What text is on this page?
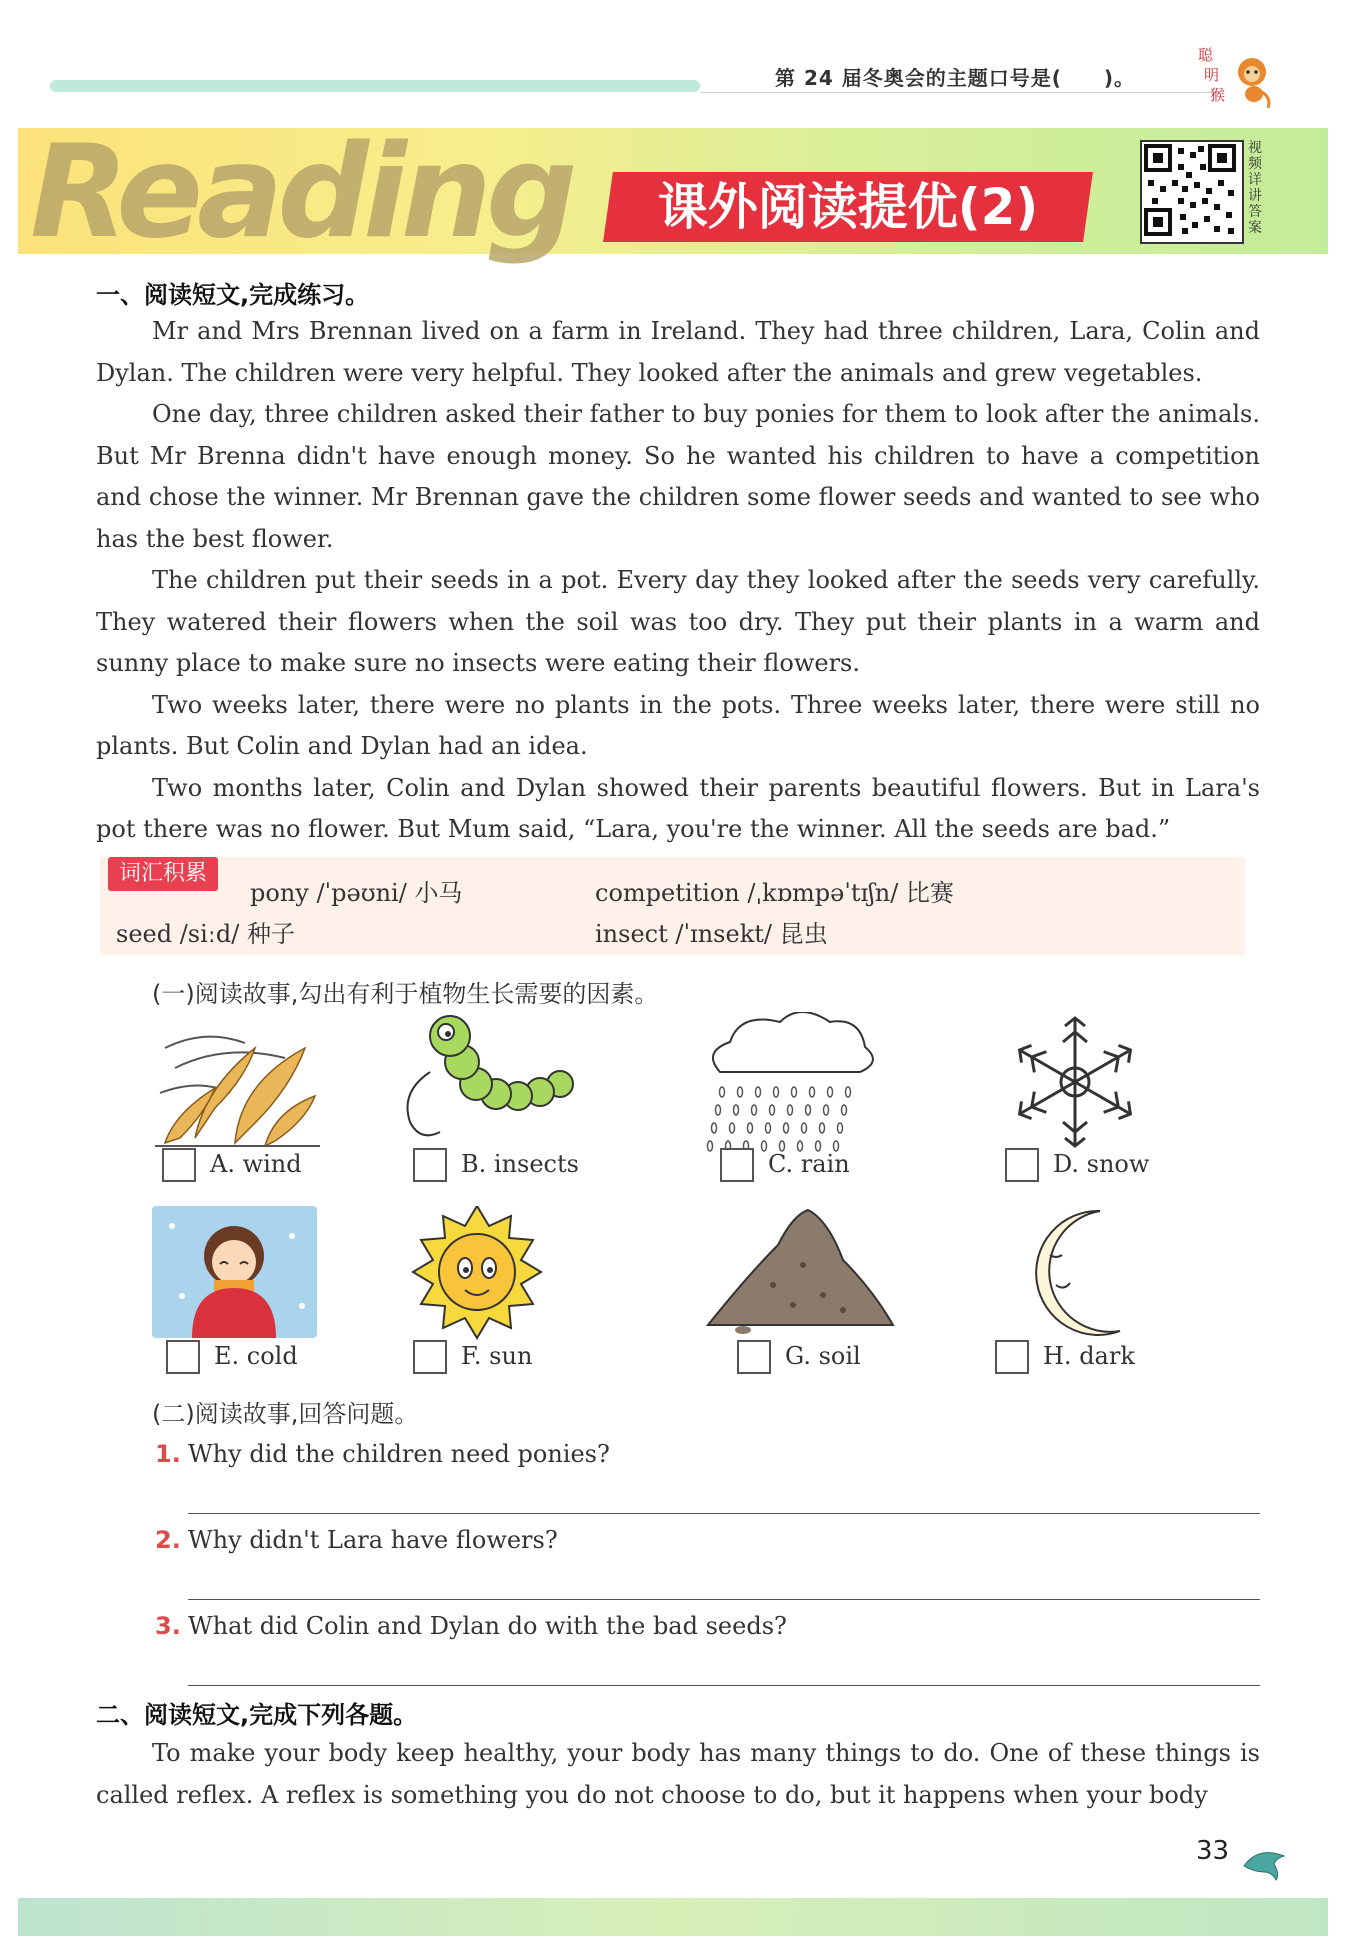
第 24 届冬奥会的主题口号是(　　)。
聪
明
猴
Reading	课外阅读提优(2)
视频详讲答案
一、阅读短文,完成练习。
Mr and Mrs Brennan lived on a farm in Ireland. They had three children, Lara, Colin and Dylan. The children were very helpful. They looked after the animals and grew vegetables.
One day, three children asked their father to buy ponies for them to look after the animals. But Mr Brenna didn't have enough money. So he wanted his children to have a competition and chose the winner. Mr Brennan gave the children some flower seeds and wanted to see who has the best flower.
The children put their seeds in a pot. Every day they looked after the seeds very carefully. They watered their flowers when the soil was too dry. They put their plants in a warm and sunny place to make sure no insects were eating their flowers.
Two weeks later, there were no plants in the pots. Three weeks later, there were still no plants. But Colin and Dylan had an idea.
Two months later, Colin and Dylan showed their parents beautiful flowers. But in Lara's pot there was no flower. But Mum said, “Lara, you're the winner. All the seeds are bad.”
词汇积累
pony /ˈpəʊni/ 小马	competition /ˌkɒmpəˈtɪʃn/ 比赛
seed /siːd/ 种子	insect /ˈɪnsekt/ 昆虫
(一)阅读故事,勾出有利于植物生长需要的因素。
A. wind	B. insects	C. rain	D. snow
E. cold	F. sun	G. soil	H. dark
(二)阅读故事,回答问题。
1. Why did the children need ponies?
2. Why didn't Lara have flowers?
3. What did Colin and Dylan do with the bad seeds?
二、阅读短文,完成下列各题。
To make your body keep healthy, your body has many things to do. One of these things is called reflex. A reflex is something you do not choose to do, but it happens when your body
33
